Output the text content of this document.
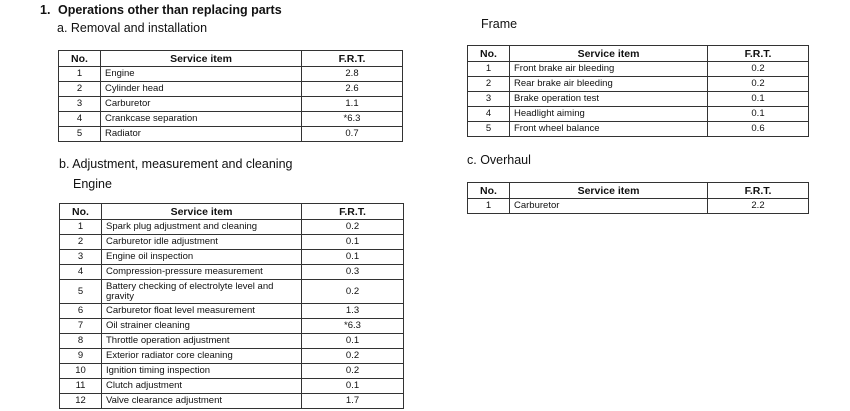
1. Operations other than replacing parts
a. Removal and installation
No.	Service item	F.R.T.
1	Engine	2.8
2	Cylinder head	2.6
3	Carburetor	1.1
4	Crankcase separation	*6.3
5	Radiator	0.7
b. Adjustment, measurement and cleaning
Engine
No.	Service item	F.R.T.
1	Spark plug adjustment and cleaning	0.2
2	Carburetor idle adjustment	0.1
3	Engine oil inspection	0.1
4	Compression-pressure measurement	0.3
5	Battery checking of electrolyte level and gravity	0.2
6	Carburetor float level measurement	1.3
7	Oil strainer cleaning	*6.3
8	Throttle operation adjustment	0.1
9	Exterior radiator core cleaning	0.2
10	Ignition timing inspection	0.2
11	Clutch adjustment	0.1
12	Valve clearance adjustment	1.7
Frame
No.	Service item	F.R.T.
1	Front brake air bleeding	0.2
2	Rear brake air bleeding	0.2
3	Brake operation test	0.1
4	Headlight aiming	0.1
5	Front wheel balance	0.6
c. Overhaul
No.	Service item	F.R.T.
1	Carburetor	2.2
